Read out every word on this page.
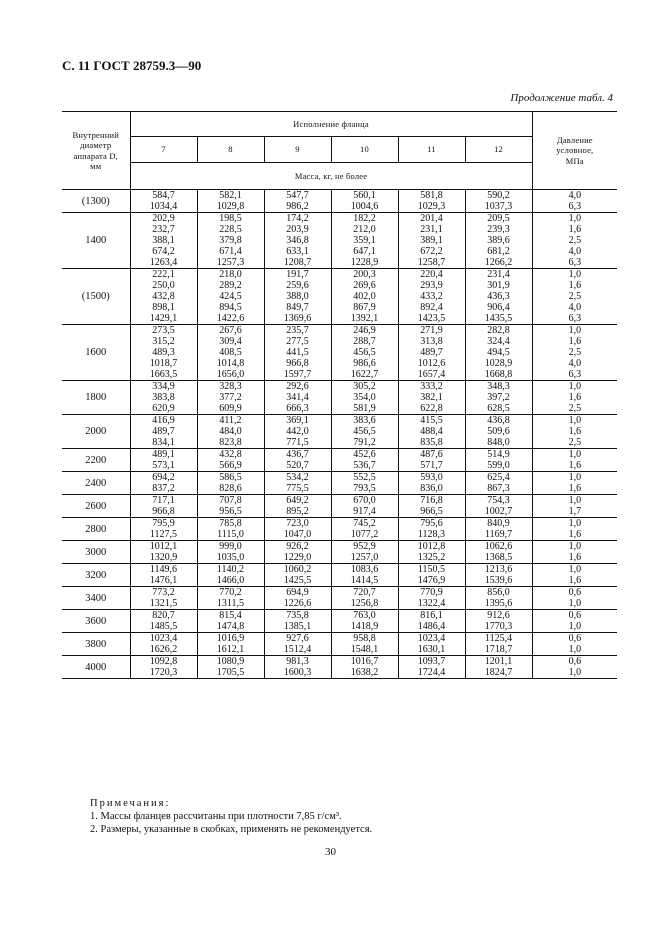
С. 11 ГОСТ 28759.3—90
Продолжение табл. 4
Внутренний
диаметр
аппарата D,
мм	Исполнение фланца						Давление
условное,
МПа

	7	8	9	10	11	12	
	Масса, кг, не более						
(1300)	584,7
1034,4	582,1
1029,8	547,7
986,2	560,1
1004,6	581,8
1029,3	590,2
1037,3	4,0
6,3

1400	202,9
232,7
388,1
674,2
1263,4	198,5
228,5
379,8
671,4
1257,3	174,2
203,9
346,8
633,1
1208,7	182,2
212,0
359,1
647,1
1228,9	201,4
231,1
389,1
672,2
1258,7	209,5
239,3
389,6
681,2
1266,2	1,0
1,6
2,5
4,0
6,3

(1500)	222,1
250,0
432,8
898,1
1429,1	218,0
289,2
424,5
894,5
1422,6	191,7
259,6
388,0
849,7
1369,6	200,3
269,6
402,0
867,9
1392,1	220,4
293,9
433,2
892,4
1423,5	231,4
301,9
436,3
906,4
1435,5	1,0
1,6
2,5
4,0
6,3

1600	273,5
315,2
489,3
1018,7
1663,5	267,6
309,4
408,5
1014,8
1656,0	235,7
277,5
441,5
966,8
1597,7	246,9
288,7
456,5
986,6
1622,7	271,9
313,8
489,7
1012,6
1657,4	282,8
324,4
494,5
1028,9
1668,8	1,0
1,6
2,5
4,0
6,3

1800	334,9
383,8
620,9	328,3
377,2
609,9	292,6
341,4
666,3	305,2
354,0
581,9	333,2
382,1
622,8	348,3
397,2
628,5	1,0
1,6
2,5

2000	416,9
489,7
834,1	411,2
484,0
823,8	369,1
442,0
771,5	383,6
456,5
791,2	415,5
488,4
835,8	436,8
509,6
848,0	1,0
1,6
2,5

2200	489,1
573,1	432,8
566,9	436,7
520,7	452,6
536,7	487,6
571,7	514,9
599,0	1,0
1,6

2400	694,2
837,2	586,5
828,6	534,2
775,5	552,5
793,5	593,0
836,0	625,4
867,3	1,0
1,6

2600	717,1
966,8	707,8
956,5	649,2
895,2	670,0
917,4	716,8
966,5	754,3
1002,7	1,0
1,7

2800	795,9
1127,5	785,8
1115,0	723,0
1047,0	745,2
1077,2	795,6
1128,3	840,9
1169,7	1,0
1,6

3000	1012,1
1320,9	999,0
1035,0	926,2
1229,0	952,9
1257,0	1012,8
1325,2	1062,6
1368,5	1,0
1,6

3200	1149,6
1476,1	1140,2
1466,0	1060,2
1425,5	1083,6
1414,5	1150,5
1476,9	1213,6
1539,6	1,0
1,6

3400	773,2
1321,5	770,2
1311,5	694,9
1226,6	720,7
1256,8	770,9
1322,4	856,0
1395,6	0,6
1,0

3600	820,7
1485,5	815,4
1474,8	735,8
1385,1	763,0
1418,9	816,1
1486,4	912,6
1770,3	0,6
1,0

3800	1023,4
1626,2	1016,9
1612,1	927,6
1512,4	958,8
1548,1	1023,4
1630,1	1125,4
1718,7	0,6
1,0

4000	1092,8
1720,3	1080,9
1705,5	981,3
1600,3	1016,7
1638,2	1093,7
1724,4	1201,1
1824,7	0,6
1,0
Примечания:
1. Массы фланцев рассчитаны при плотности 7,85 г/см³.
2. Размеры, указанные в скобках, применять не рекомендуется.
30
